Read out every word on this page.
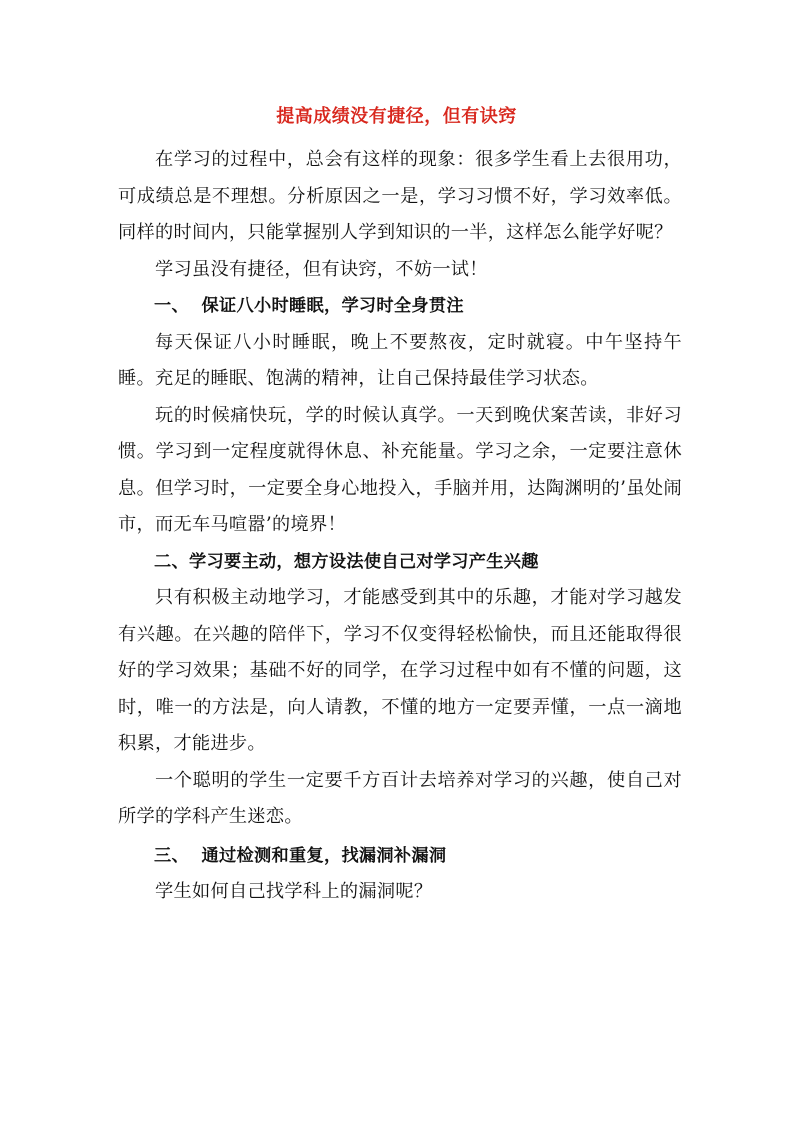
提高成绩没有捷径，但有诀窍

在学习的过程中，总会有这样的现象：很多学生看上去很用功，可成绩总是不理想。分析原因之一是，学习习惯不好，学习效率低。同样的时间内，只能掌握别人学到知识的一半，这样怎么能学好呢？

学习虽没有捷径，但有诀窍，不妨一试！

一、  保证八小时睡眠，学习时全身贯注

每天保证八小时睡眠，晚上不要熬夜，定时就寝。中午坚持午睡。充足的睡眠、饱满的精神，让自己保持最佳学习状态。

玩的时候痛快玩，学的时候认真学。一天到晚伏案苦读，非好习惯。学习到一定程度就得休息、补充能量。学习之余，一定要注意休息。但学习时，一定要全身心地投入，手脑并用，达陶渊明的’虽处闹市，而无车马喧嚣’的境界！

二、学习要主动，想方设法使自己对学习产生兴趣

只有积极主动地学习，才能感受到其中的乐趣，才能对学习越发有兴趣。在兴趣的陪伴下，学习不仅变得轻松愉快，而且还能取得很好的学习效果；基础不好的同学，在学习过程中如有不懂的问题，这时，唯一的方法是，向人请教，不懂的地方一定要弄懂，一点一滴地积累，才能进步。

一个聪明的学生一定要千方百计去培养对学习的兴趣，使自己对所学的学科产生迷恋。

三、  通过检测和重复，找漏洞补漏洞

学生如何自己找学科上的漏洞呢？
